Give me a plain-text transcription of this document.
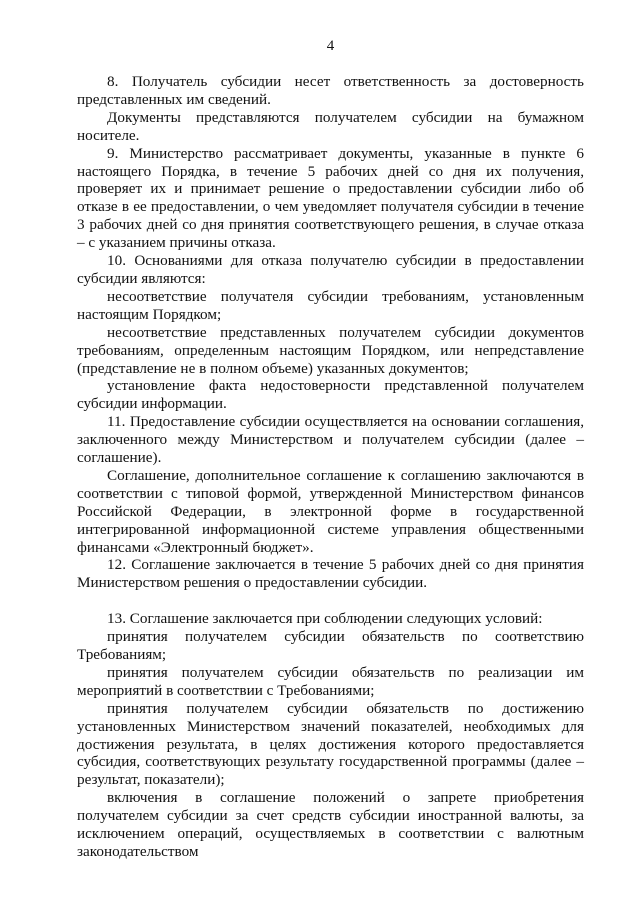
4

8. Получатель субсидии несет ответственность за достоверность представленных им сведений.

Документы представляются получателем субсидии на бумажном носителе.

9. Министерство рассматривает документы, указанные в пункте 6 настоящего Порядка, в течение 5 рабочих дней со дня их получения, проверяет их и принимает решение о предоставлении субсидии либо об отказе в ее предоставлении, о чем уведомляет получателя субсидии в течение 3 рабочих дней со дня принятия соответствующего решения, в случае отказа – с указанием причины отказа.

10. Основаниями для отказа получателю субсидии в предоставлении субсидии являются:

несоответствие получателя субсидии требованиям, установленным настоящим Порядком;

несоответствие представленных получателем субсидии документов требованиям, определенным настоящим Порядком, или непредставление (представление не в полном объеме) указанных документов;

установление факта недостоверности представленной получателем субсидии информации.

11. Предоставление субсидии осуществляется на основании соглашения, заключенного между Министерством и получателем субсидии (далее – соглашение).

Соглашение, дополнительное соглашение к соглашению заключаются в соответствии с типовой формой, утвержденной Министерством финансов Российской Федерации, в электронной форме в государственной интегрированной информационной системе управления общественными финансами «Электронный бюджет».

12. Соглашение заключается в течение 5 рабочих дней со дня принятия Министерством решения о предоставлении субсидии.

13. Соглашение заключается при соблюдении следующих условий:

принятия получателем субсидии обязательств по соответствию Требованиям;

принятия получателем субсидии обязательств по реализации им мероприятий в соответствии с Требованиями;

принятия получателем субсидии обязательств по достижению установленных Министерством значений показателей, необходимых для достижения результата, в целях достижения которого предоставляется субсидия, соответствующих результату государственной программы (далее – результат, показатели);

включения в соглашение положений о запрете приобретения получателем субсидии за счет средств субсидии иностранной валюты, за исключением операций, осуществляемых в соответствии с валютным законодательством
